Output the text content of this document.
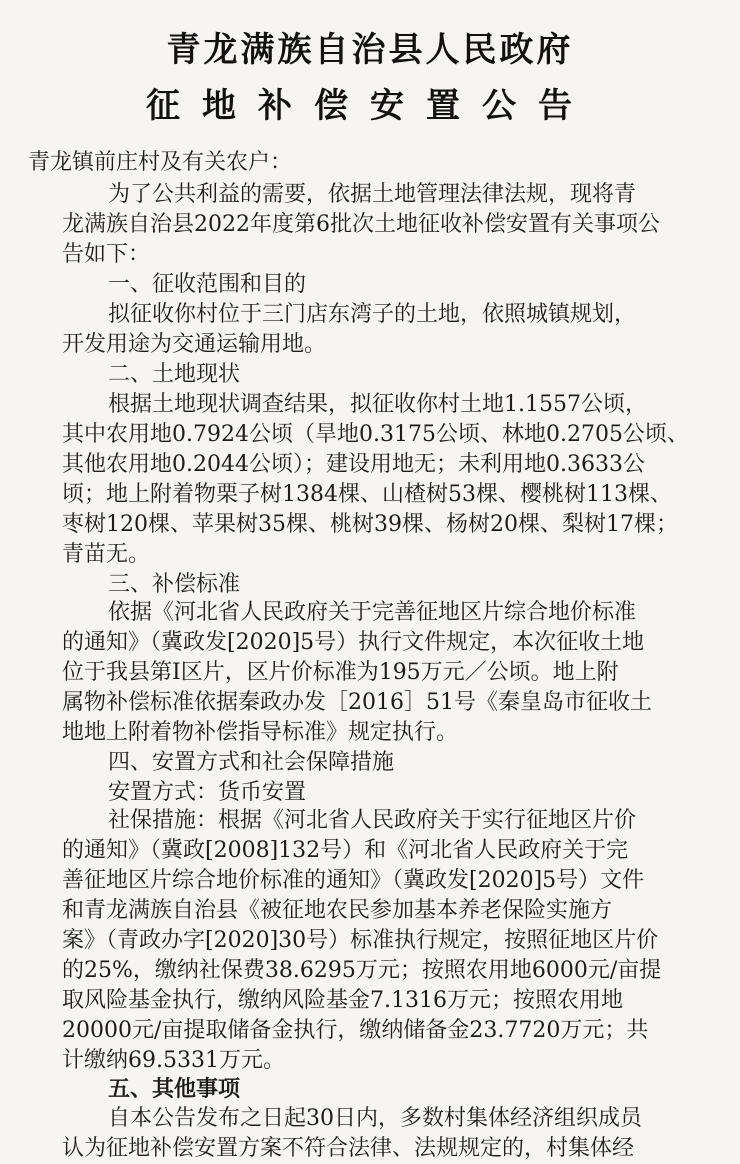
青龙满族自治县人民政府
征地补偿安置公告
青龙镇前庄村及有关农户：
为了公共利益的需要，依据土地管理法律法规，现将青
龙满族自治县2022年度第6批次土地征收补偿安置有关事项公
告如下：
一、征收范围和目的
拟征收你村位于三门店东湾子的土地，依照城镇规划，
开发用途为交通运输用地。
二、土地现状
根据土地现状调查结果，拟征收你村土地1.1557公顷，
其中农用地0.7924公顷（旱地0.3175公顷、林地0.2705公顷、
其他农用地0.2044公顷）；建设用地无；未利用地0.3633公
顷；地上附着物栗子树1384棵、山楂树53棵、樱桃树113棵、
枣树120棵、苹果树35棵、桃树39棵、杨树20棵、梨树17棵；
青苗无。
三、补偿标准
依据《河北省人民政府关于完善征地区片综合地价标准
的通知》（冀政发[2020]5号）执行文件规定，本次征收土地
位于我县第Ⅰ区片，区片价标准为195万元／公顷。地上附
属物补偿标准依据秦政办发［2016］51号《秦皇岛市征收土
地地上附着物补偿指导标准》规定执行。
四、安置方式和社会保障措施
安置方式：货币安置
社保措施：根据《河北省人民政府关于实行征地区片价
的通知》（冀政[2008]132号）和《河北省人民政府关于完
善征地区片综合地价标准的通知》（冀政发[2020]5号）文件
和青龙满族自治县《被征地农民参加基本养老保险实施方
案》（青政办字[2020]30号）标准执行规定，按照征地区片价
的25%，缴纳社保费38.6295万元；按照农用地6000元/亩提
取风险基金执行，缴纳风险基金7.1316万元；按照农用地
20000元/亩提取储备金执行，缴纳储备金23.7720万元；共
计缴纳69.5331万元。
五、其他事项
自本公告发布之日起30日内，多数村集体经济组织成员
认为征地补偿安置方案不符合法律、法规规定的，村集体经
